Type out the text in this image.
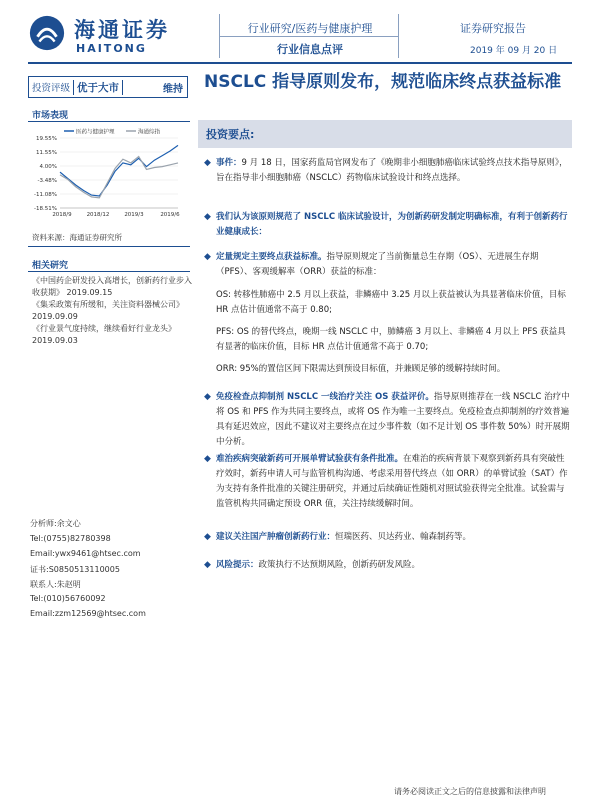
海通证券
HAITONG
行业研究/医药与健康护理
行业信息点评
证券研究报告
2019 年 09 月 20 日
投资评级 优于大市	维持 NSCLC 指导原则发布，规范临床终点获益标准
市场表现
医药与健康护理	海通综指
19.55%
11.55%
4.00%
-3.48%
-11.08%
-18.51%
2018/9	2018/12	2019/3	2019/6
资料来源：海通证券研究所
相关研究
《中国药企研发投入高增长，创新药行业步入收获期》 2019.09.15
《集采政策有所缓和，关注资料器械公司》 2019.09.09
《行业景气度持续，继续看好行业龙头》 2019.09.03
分析师:余文心
Tel:(0755)82780398
Email:ywx9461@htsec.com
证书:S0850513110005
联系人:朱赵明
Tel:(010)56760092
Email:zzm12569@htsec.com
投资要点:
◆ 事件：9 月 18 日，国家药监局官网发布了《晚期非小细胞肺癌临床试验终点技术指导原则》，旨在指导非小细胞肺癌（NSCLC）药物临床试验设计和终点选择。
◆ 我们认为该原则规范了 NSCLC 临床试验设计，为创新药研发制定明确标准，有利于创新药行业健康成长：
◆ 定量规定主要终点获益标准。指导原则规定了当前衡量总生存期（OS）、无进展生存期（PFS）、客观缓解率（ORR）获益的标准：
OS: 转移性肺癌中 2.5 月以上获益，非鳞癌中 3.25 月以上获益被认为具显著临床价值，目标 HR 点估计值通常不高于 0.80;
PFS: OS 的替代终点，晚期一线 NSCLC 中，肺鳞癌 3 月以上、非鳞癌 4 月以上 PFS 获益具有显著的临床价值，目标 HR 点估计值通常不高于 0.70;
ORR: 95%的置信区间下限需达到预设目标值，并兼顾足够的缓解持续时间。
◆ 免疫检查点抑制剂 NSCLC 一线治疗关注 OS 获益评价。指导原则推荐在一线 NSCLC 治疗中将 OS 和 PFS 作为共同主要终点，或将 OS 作为唯一主要终点。免疫检查点抑制剂的疗效普遍具有延迟效应，因此不建议对主要终点在过少事件数（如不足计划 OS 事件数 50%）时开展期中分析。
◆ 难治疾病突破新药可开展单臂试验获有条件批准。在难治的疾病背景下观察到新药具有突破性疗效时，新药申请人可与监管机构沟通、考虑采用替代终点（如 ORR）的单臂试验（SAT）作为支持有条件批准的关键注册研究，并通过后续确证性随机对照试验获得完全批准。试验需与监管机构共同确定预设 ORR 值，关注持续缓解时间。
◆ 建议关注国产肿瘤创新药行业：恒瑞医药、贝达药业、翰森制药等。
◆ 风险提示：政策执行不达预期风险，创新药研发风险。
请务必阅读正文之后的信息披露和法律声明
